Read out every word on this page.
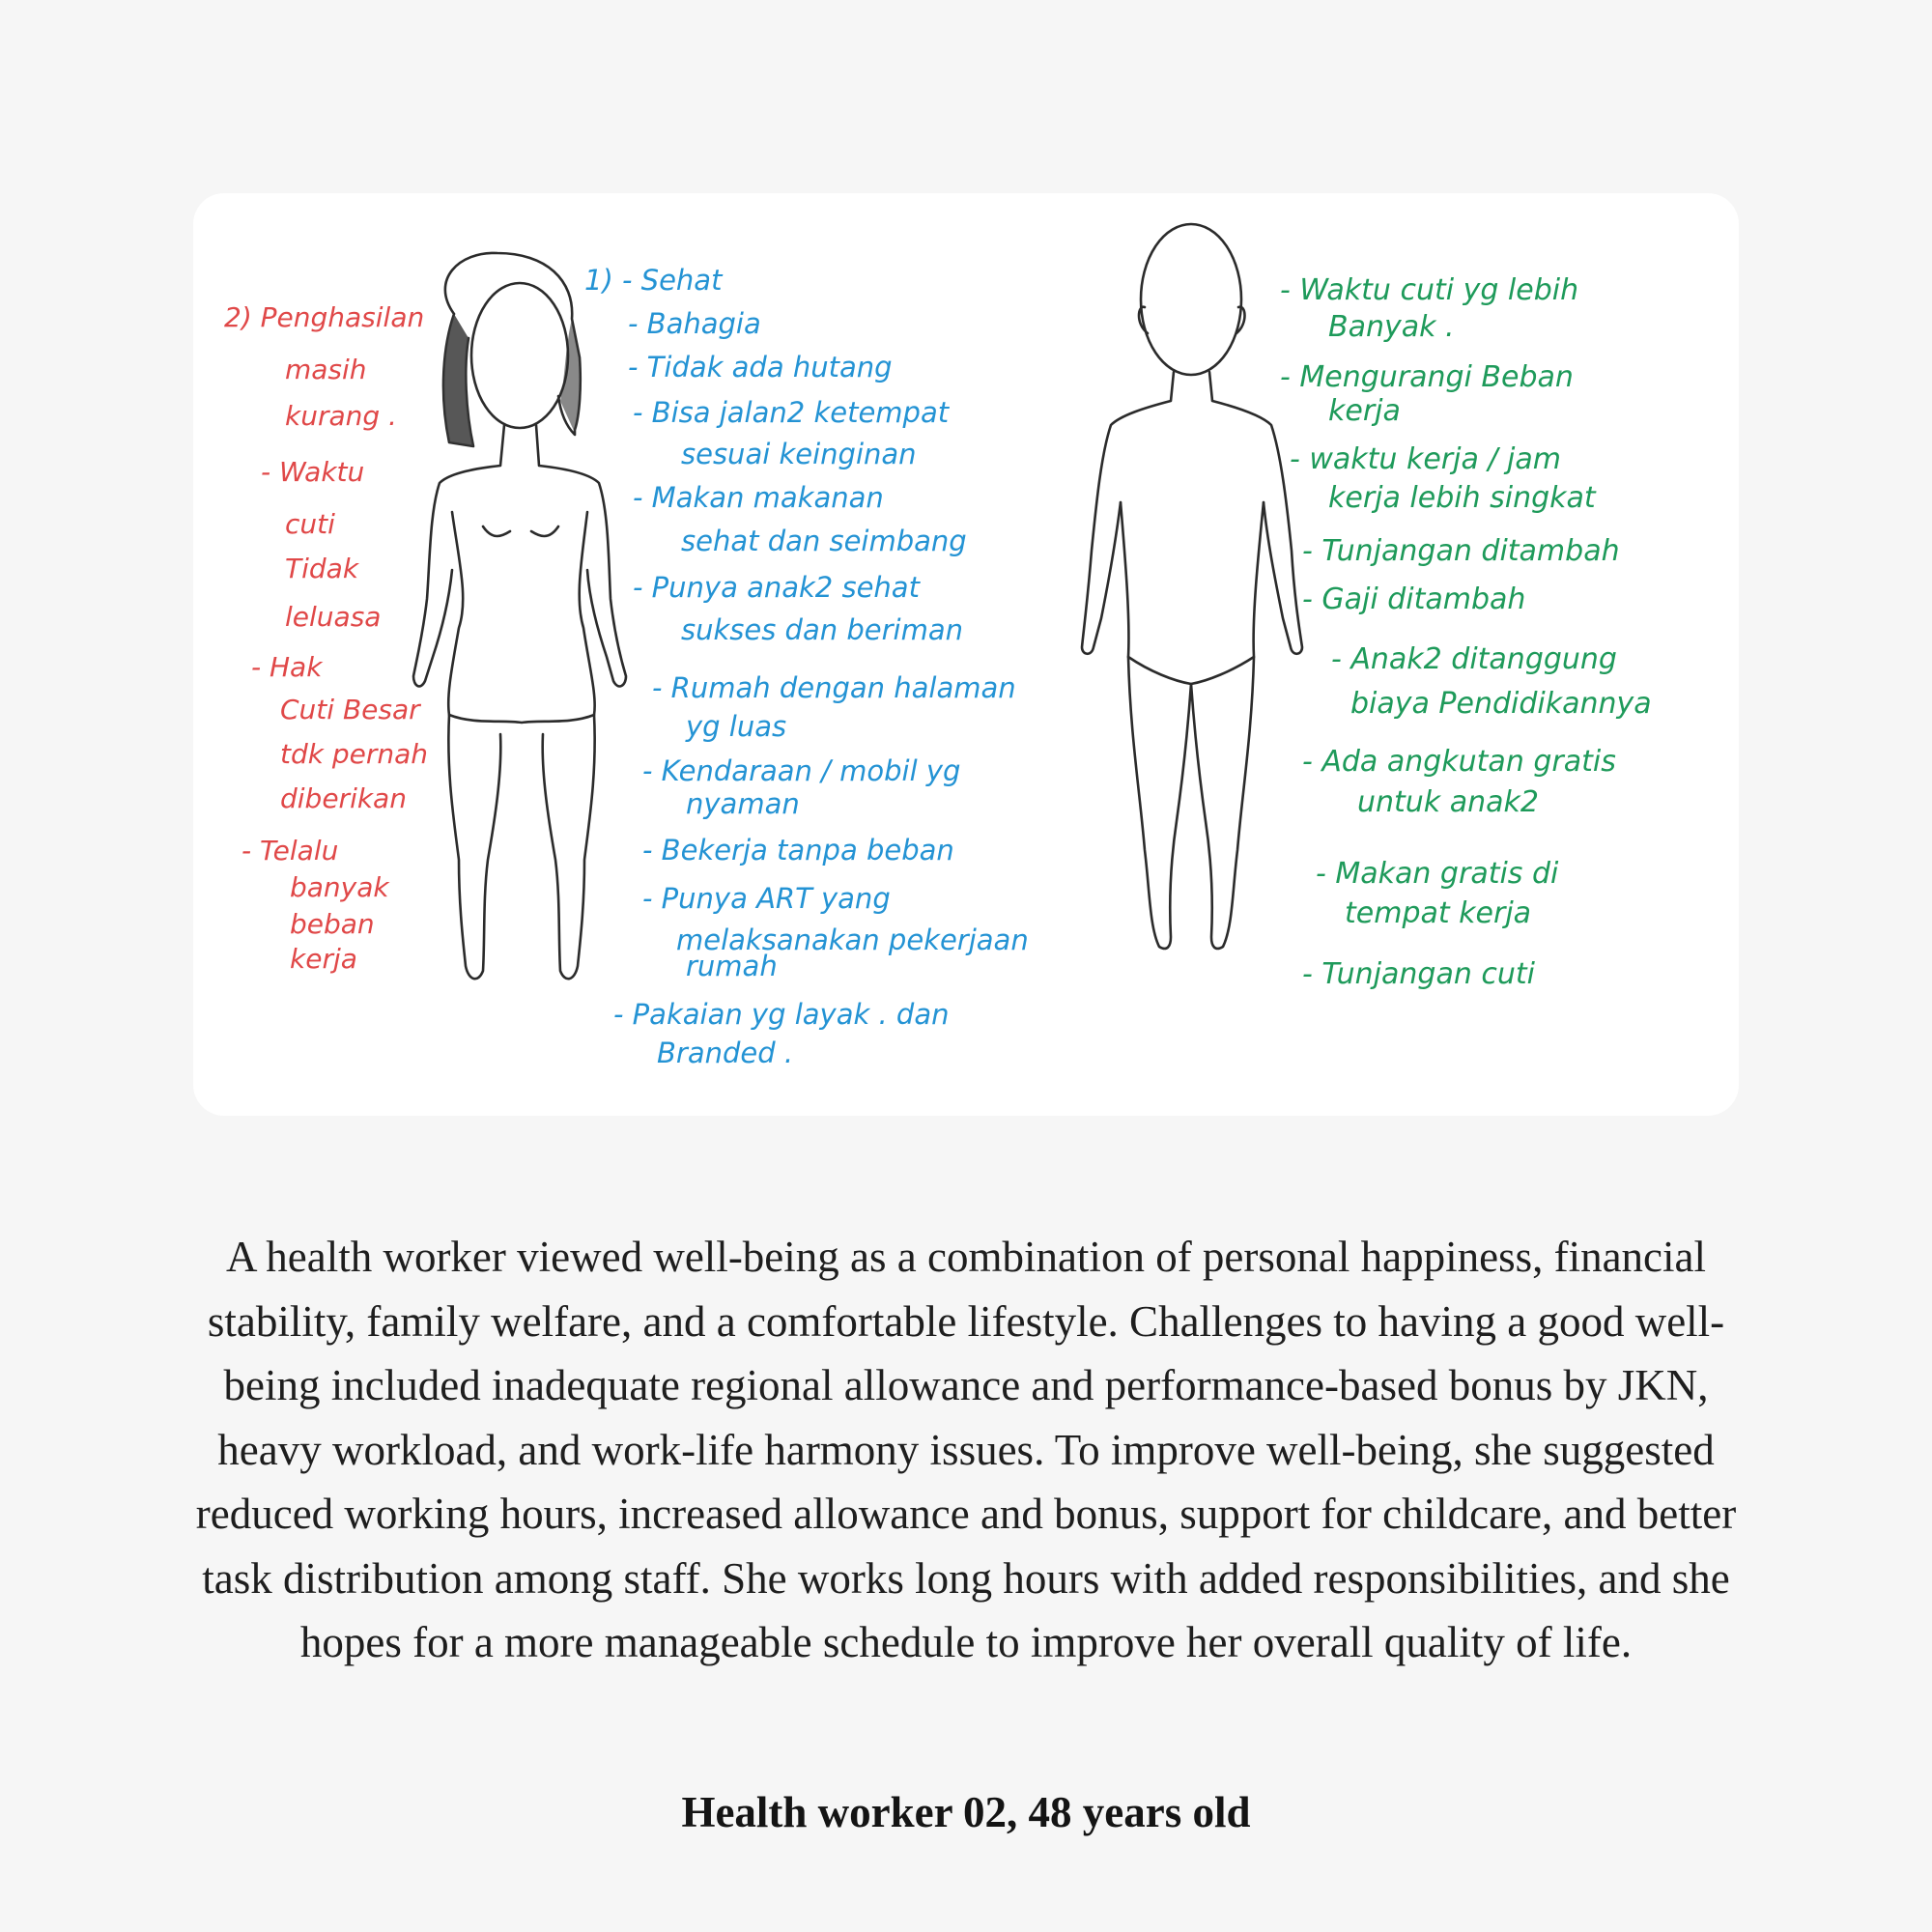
2) Penghasilan
masih
kurang .
- Waktu
cuti
Tidak
leluasa
- Hak
Cuti Besar
tdk pernah
diberikan
- Telalu
banyak
beban
kerja
1) - Sehat
- Bahagia
- Tidak ada hutang
- Bisa jalan2 ketempat
sesuai keinginan
- Makan makanan
sehat dan seimbang
- Punya anak2 sehat
sukses dan beriman
- Rumah dengan halaman
yg luas
- Kendaraan / mobil yg
nyaman
- Bekerja tanpa beban
- Punya ART yang
melaksanakan pekerjaan
rumah
- Pakaian yg layak . dan
Branded .
- Waktu cuti yg lebih
Banyak .
- Mengurangi Beban
kerja
- waktu kerja / jam
kerja lebih singkat
- Tunjangan ditambah
- Gaji ditambah
- Anak2 ditanggung
biaya Pendidikannya
- Ada angkutan gratis
untuk anak2
- Makan gratis di
tempat kerja
- Tunjangan cuti

A health worker viewed well-being as a combination of personal happiness, financial stability, family welfare, and a comfortable lifestyle. Challenges to having a good well-being included inadequate regional allowance and performance-based bonus by JKN, heavy workload, and work-life harmony issues. To improve well-being, she suggested reduced working hours, increased allowance and bonus, support for childcare, and better task distribution among staff. She works long hours with added responsibilities, and she hopes for a more manageable schedule to improve her overall quality of life.

Health worker 02, 48 years old
